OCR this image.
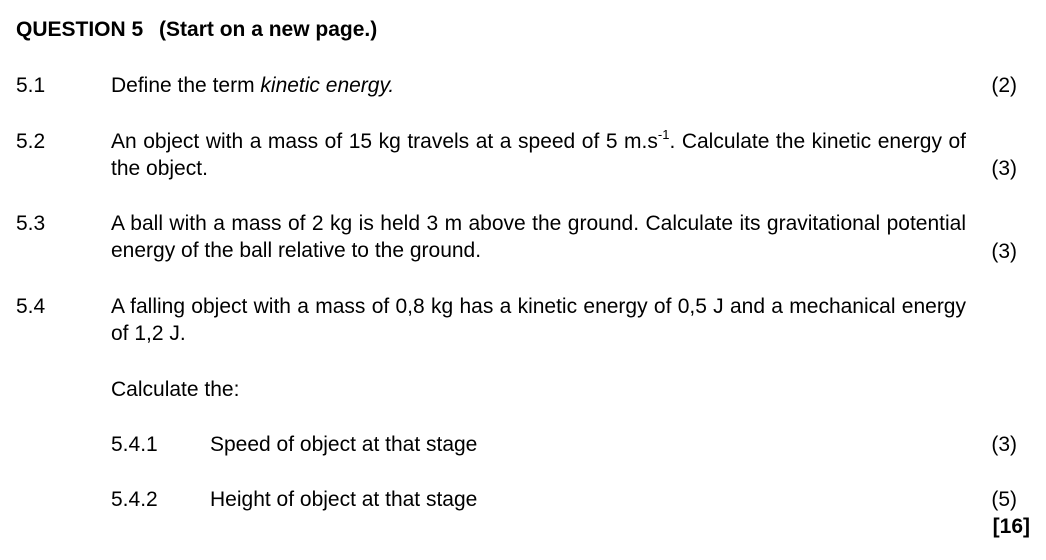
QUESTION 5 (Start on a new page.)
5.1	Define the term kinetic energy.	(2)
5.2	An object with a mass of 15 kg travels at a speed of 5 $m.s^{-1}$. Calculate the kinetic energy of the object.	(3)
5.3	A ball with a mass of 2 kg is held 3 m above the ground. Calculate its gravitational potential energy of the ball relative to the ground.	(3)
5.4	A falling object with a mass of 0,8 kg has a kinetic energy of 0,5 J and a mechanical energy of 1,2 J.
Calculate the:
5.4.1 Speed of object at that stage	(3)
5.4.2 Height of object at that stage	(5)
[16]
